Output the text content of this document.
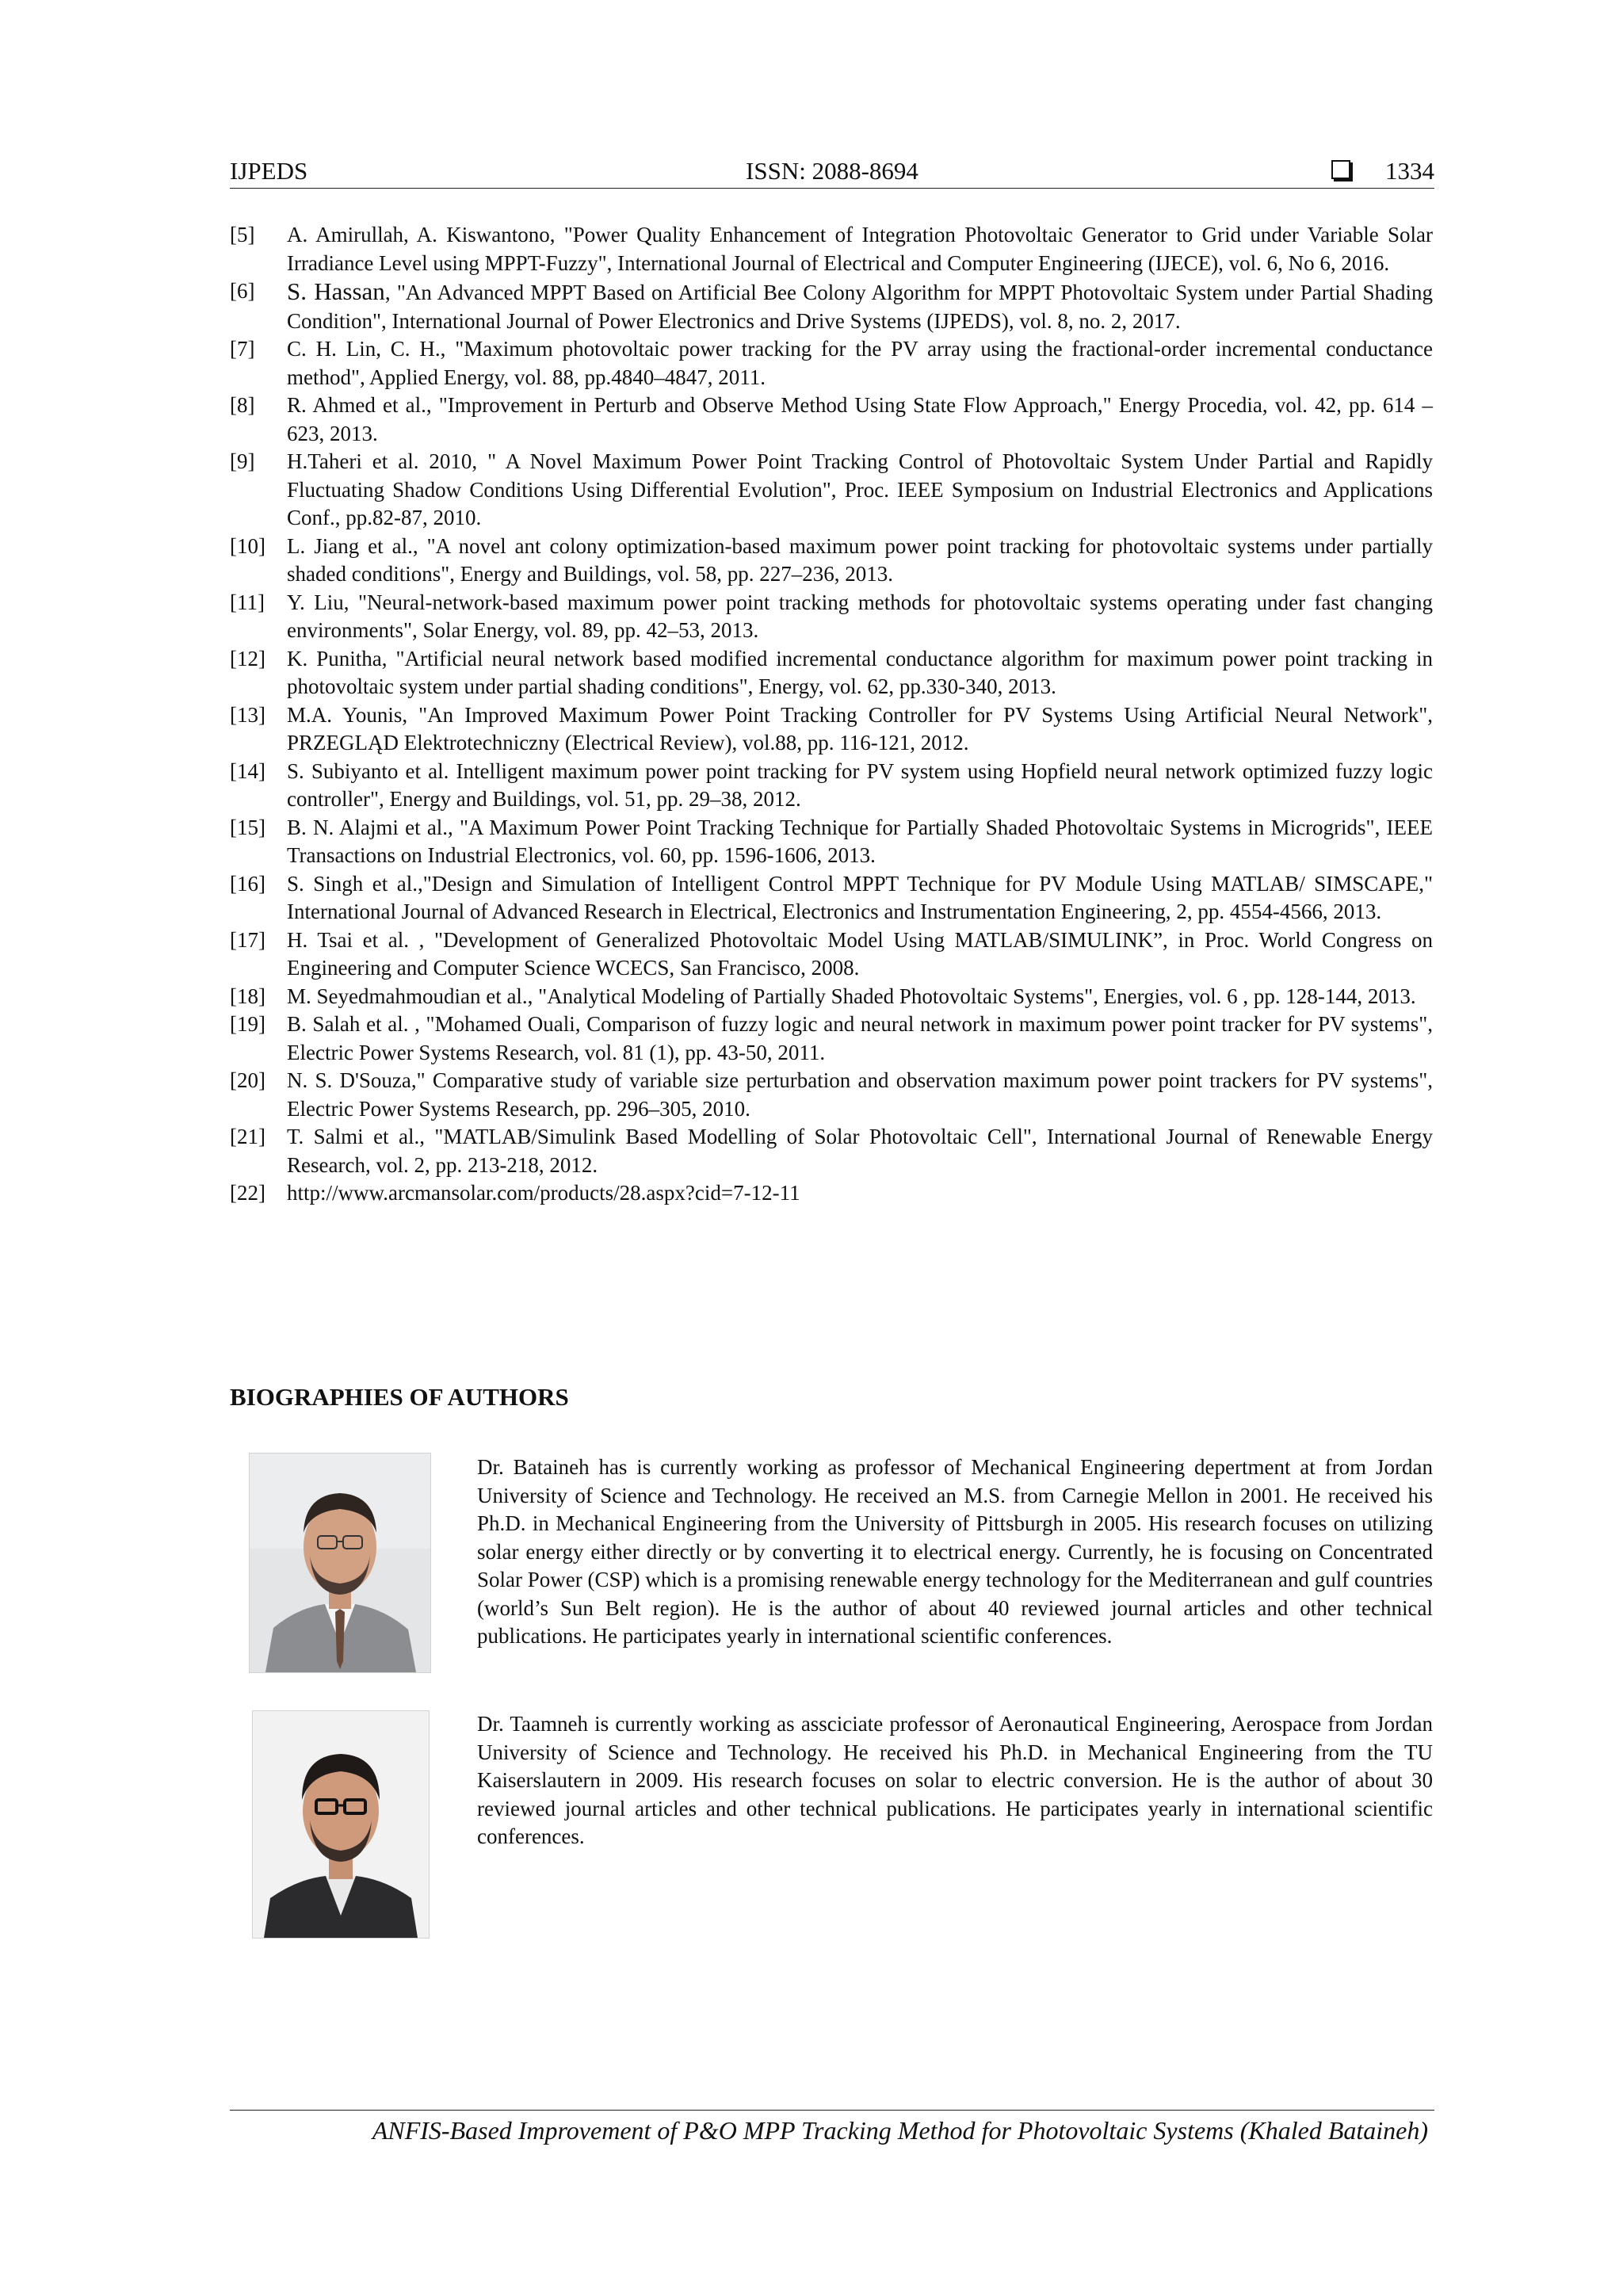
IJPEDS	ISSN: 2088-8694	1334
[5]	A. Amirullah, A. Kiswantono, "Power Quality Enhancement of Integration Photovoltaic Generator to Grid under Variable Solar Irradiance Level using MPPT-Fuzzy", International Journal of Electrical and Computer Engineering (IJECE), vol. 6, No 6, 2016.
[6]	S. Hassan, "An Advanced MPPT Based on Artificial Bee Colony Algorithm for MPPT Photovoltaic System under Partial Shading Condition", International Journal of Power Electronics and Drive Systems (IJPEDS), vol. 8, no. 2, 2017.
[7]	C. H. Lin, C. H., "Maximum photovoltaic power tracking for the PV array using the fractional-order incremental conductance method", Applied Energy, vol. 88, pp.4840–4847, 2011.
[8]	R. Ahmed et al., "Improvement in Perturb and Observe Method Using State Flow Approach," Energy Procedia, vol. 42, pp. 614 – 623, 2013.
[9]	H.Taheri et al. 2010, " A Novel Maximum Power Point Tracking Control of Photovoltaic System Under Partial and Rapidly Fluctuating Shadow Conditions Using Differential Evolution", Proc. IEEE Symposium on Industrial Electronics and Applications Conf., pp.82-87, 2010.
[10]	L. Jiang et al., "A novel ant colony optimization-based maximum power point tracking for photovoltaic systems under partially shaded conditions", Energy and Buildings, vol. 58, pp. 227–236, 2013.
[11]	Y. Liu, "Neural-network-based maximum power point tracking methods for photovoltaic systems operating under fast changing environments", Solar Energy, vol. 89, pp. 42–53, 2013.
[12]	K. Punitha, "Artificial neural network based modified incremental conductance algorithm for maximum power point tracking in photovoltaic system under partial shading conditions", Energy, vol. 62, pp.330-340, 2013.
[13]	M.A. Younis, "An Improved Maximum Power Point Tracking Controller for PV Systems Using Artificial Neural Network", PRZEGLĄD Elektrotechniczny (Electrical Review), vol.88, pp. 116-121, 2012.
[14]	S. Subiyanto et al. Intelligent maximum power point tracking for PV system using Hopfield neural network optimized fuzzy logic controller", Energy and Buildings, vol. 51, pp. 29–38, 2012.
[15]	B. N. Alajmi et al., "A Maximum Power Point Tracking Technique for Partially Shaded Photovoltaic Systems in Microgrids", IEEE Transactions on Industrial Electronics, vol. 60, pp. 1596-1606, 2013.
[16]	S. Singh et al.,"Design and Simulation of Intelligent Control MPPT Technique for PV Module Using MATLAB/ SIMSCAPE," International Journal of Advanced Research in Electrical, Electronics and Instrumentation Engineering, 2, pp. 4554-4566, 2013.
[17]	H. Tsai et al. , "Development of Generalized Photovoltaic Model Using MATLAB/SIMULINK”, in Proc. World Congress on Engineering and Computer Science WCECS, San Francisco, 2008.
[18]	M. Seyedmahmoudian et al., "Analytical Modeling of Partially Shaded Photovoltaic Systems", Energies, vol. 6 , pp. 128-144, 2013.
[19]	B. Salah et al. , "Mohamed Ouali, Comparison of fuzzy logic and neural network in maximum power point tracker for PV systems", Electric Power Systems Research, vol. 81 (1), pp. 43-50, 2011.
[20]	N. S. D'Souza," Comparative study of variable size perturbation and observation maximum power point trackers for PV systems", Electric Power Systems Research, pp. 296–305, 2010.
[21]	T. Salmi et al., "MATLAB/Simulink Based Modelling of Solar Photovoltaic Cell", International Journal of Renewable Energy Research, vol. 2, pp. 213-218, 2012.
[22]	http://www.arcmansolar.com/products/28.aspx?cid=7-12-11
BIOGRAPHIES OF AUTHORS

Dr. Bataineh has is currently working as professor of Mechanical Engineering depertment at from Jordan University of Science and Technology. He received an M.S. from Carnegie Mellon in 2001. He received his Ph.D. in Mechanical Engineering from the University of Pittsburgh in 2005. His research focuses on utilizing solar energy either directly or by converting it to electrical energy. Currently, he is focusing on Concentrated Solar Power (CSP) which is a promising renewable energy technology for the Mediterranean and gulf countries (world’s Sun Belt region). He is the author of about 40 reviewed journal articles and other technical publications. He participates yearly in international scientific conferences.

Dr. Taamneh is currently working as assciciate professor of Aeronautical Engineering, Aerospace from Jordan University of Science and Technology. He received his Ph.D. in Mechanical Engineering from the TU Kaiserslautern in 2009. His research focuses on solar to electric conversion. He is the author of about 30 reviewed journal articles and other technical publications. He participates yearly in international scientific conferences.

ANFIS-Based Improvement of P&O MPP Tracking Method for Photovoltaic Systems (Khaled Bataineh)
